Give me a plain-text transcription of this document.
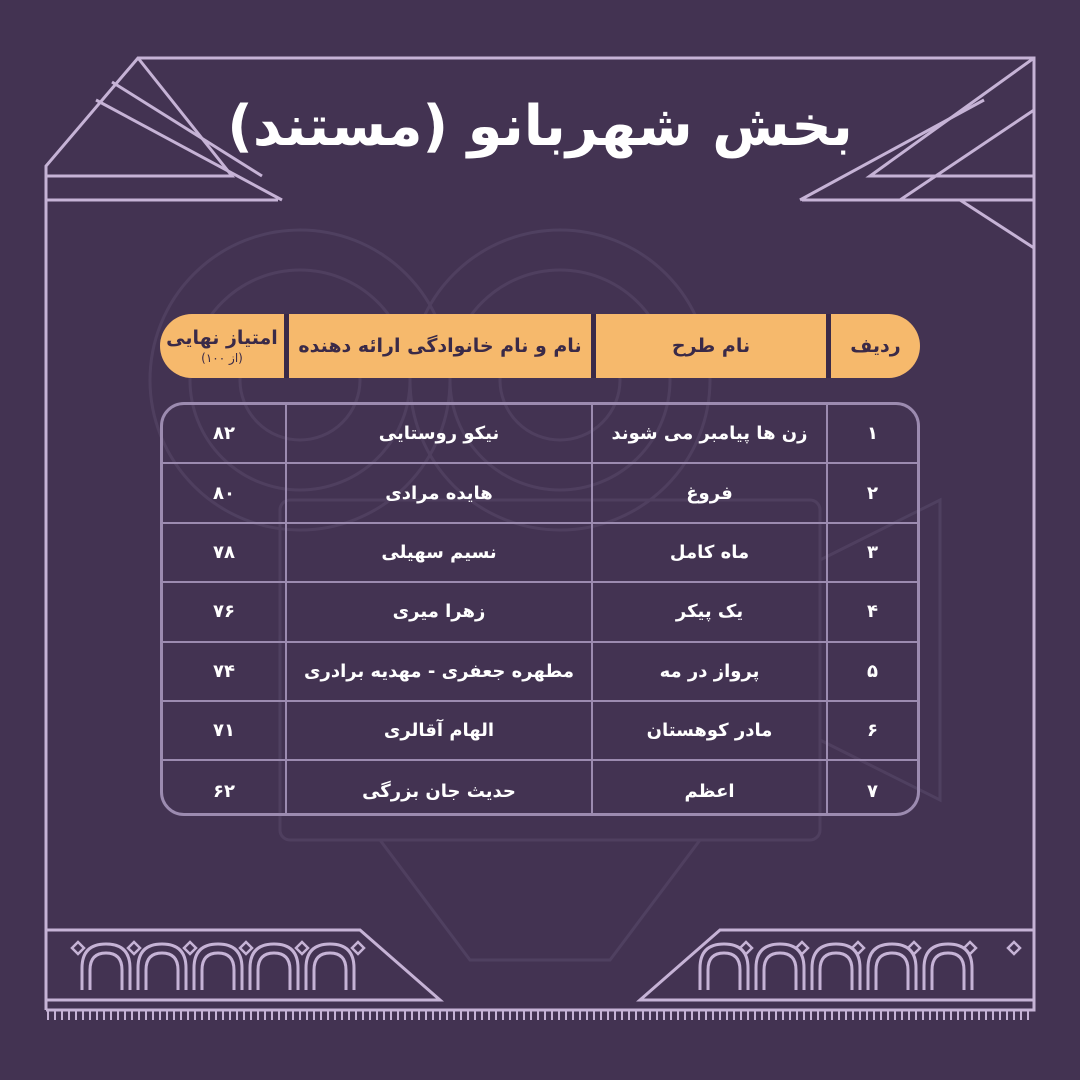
بخش شهربانو (مستند)
ردیف
نام طرح
نام و نام خانوادگی ارائه دهنده
امتیاز نهایی
(از ۱۰۰)
۱
زن ها پیامبر می شوند
نیکو روستایی
۸۲
۲
فروغ
هایده مرادی
۸۰
۳
ماه کامل
نسیم سهیلی
۷۸
۴
یک پیکر
زهرا میری
۷۶
۵
پرواز در مه
مطهره جعفری - مهدیه برادری
۷۴
۶
مادر کوهستان
الهام آقالری
۷۱
۷
اعظم
حدیث جان بزرگی
۶۲
